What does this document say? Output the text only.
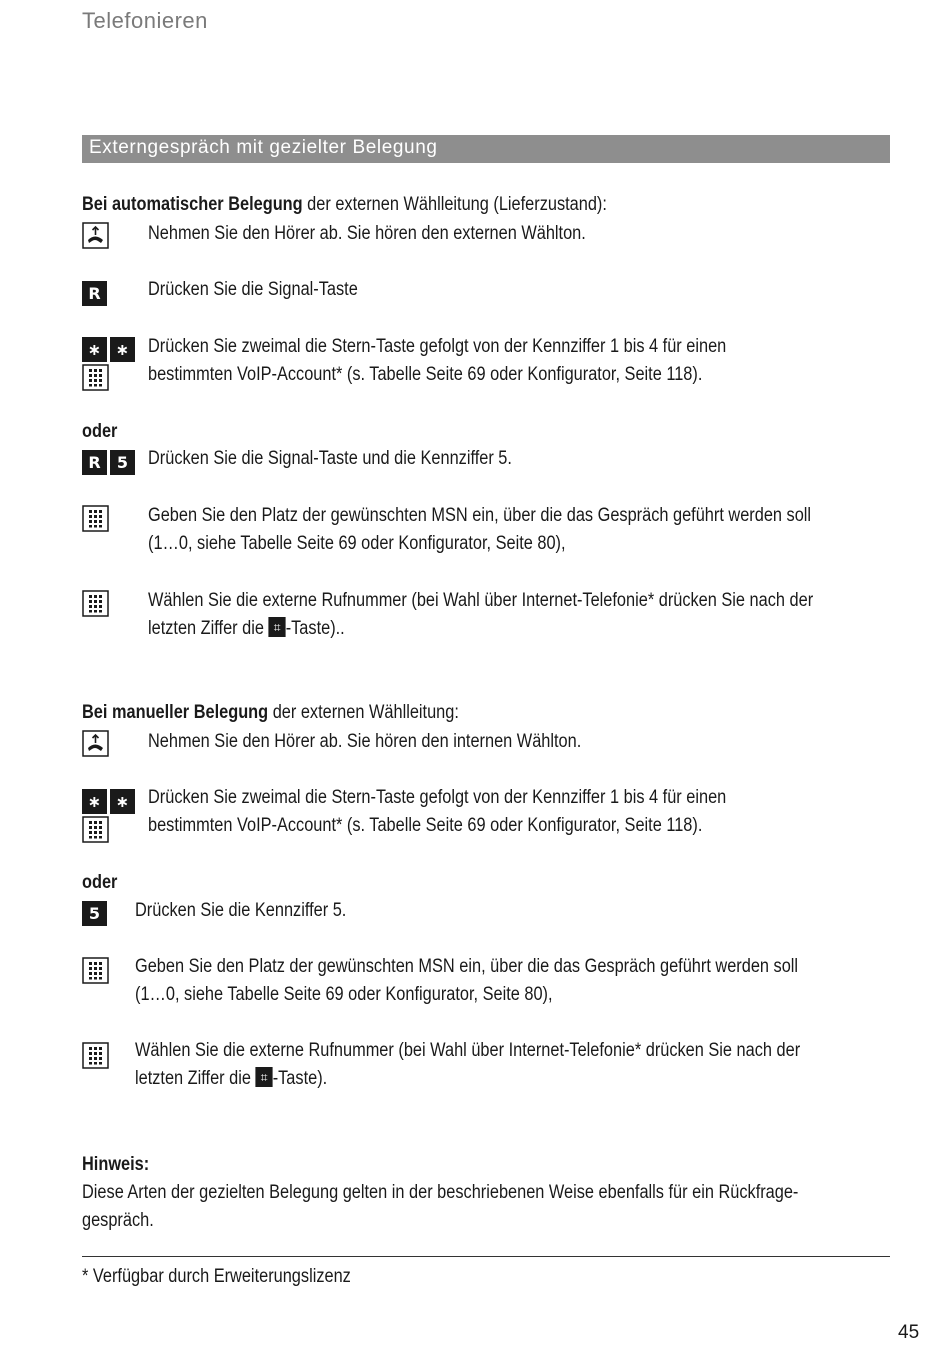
Telefonieren
Externgespräch mit gezielter Belegung
Bei automatischer Belegung der externen Wählleitung (Lieferzustand):
Nehmen Sie den Hörer ab. Sie hören den externen Wählton.
R	Drücken Sie die Signal-Taste
∗ ∗ Drücken Sie zweimal die Stern-Taste gefolgt von der Kennziffer 1 bis 4 für einen
bestimmten VoIP-Account* (s. Tabelle Seite 69 oder Konfigurator, Seite 118).
oder
R	5	Drücken Sie die Signal-Taste und die Kennziffer 5.
Geben Sie den Platz der gewünschten MSN ein, über die das Gespräch geführt werden soll
(1…0, siehe Tabelle Seite 69 oder Konfigurator, Seite 80),
Wählen Sie die externe Rufnummer (bei Wahl über Internet-Telefonie* drücken Sie nach der
letzten Ziffer die ⌗ -Taste)..
Bei manueller Belegung der externen Wählleitung:
Nehmen Sie den Hörer ab. Sie hören den internen Wählton.
∗ ∗ Drücken Sie zweimal die Stern-Taste gefolgt von der Kennziffer 1 bis 4 für einen
bestimmten VoIP-Account* (s. Tabelle Seite 69 oder Konfigurator, Seite 118).
oder
5	Drücken Sie die Kennziffer 5.
Geben Sie den Platz der gewünschten MSN ein, über die das Gespräch geführt werden soll
(1…0, siehe Tabelle Seite 69 oder Konfigurator, Seite 80),
Wählen Sie die externe Rufnummer (bei Wahl über Internet-Telefonie* drücken Sie nach der
letzten Ziffer die ⌗ -Taste).
Hinweis:
Diese Arten der gezielten Belegung gelten in der beschriebenen Weise ebenfalls für ein Rückfrage-
gespräch.
* Verfügbar durch Erweiterungslizenz
45
